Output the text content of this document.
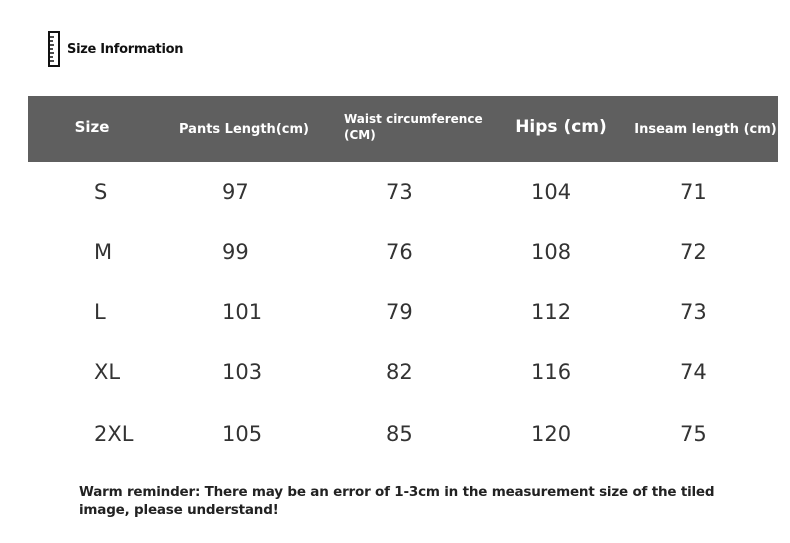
Size Information
Size	Pants Length(cm)	Waist circumference (CM)	Hips (cm)	Inseam length (cm)
S	97	73	104	71
M	99	76	108	72
L	101	79	112	73
XL	103	82	116	74
2XL	105	85	120	75
Warm reminder: There may be an error of 1-3cm in the measurement size of the tiled image, please understand!
